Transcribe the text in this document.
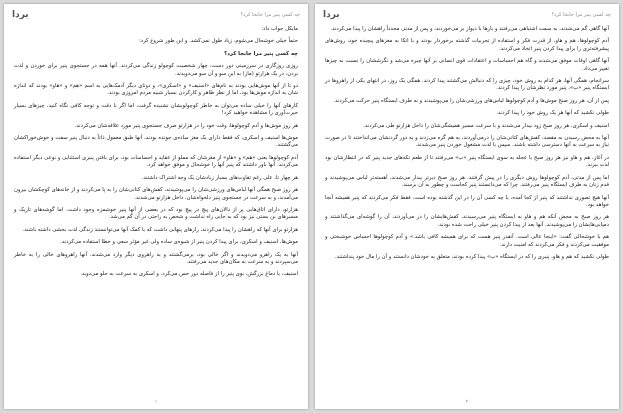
ﺑﺮﺩﺍ	چه کسی پنیر مرا جابجا کرد؟

مایکل جواب داد:

حتماً خیلی خوشحال می‌شوم. زیاد طول نمی‌کشد. و این طور شروع کرد:

چه کسی پنیر مرا جابجا کرد؟

روزی روزگاری در سرزمینی دور دست، چهار شخصیت کوچولو زندگی می‌کردند. آنها همه در جستجوی پنیر برای خوردن و لذت بردن، در یک هزارتو (ماز) به این سو و آن سو می‌دویدند.

دو تا از آنها موش‌هایی بودند به نام‌های «اسنیف» و «اسکری»، و دوتای دیگر آدمک‌هایی به اسم «هم» و «هاو» بودند که اندازه شان به اندازه موش‌ها بود، اما از نظر ظاهر و کارکردن بسیار شبیه مردم امروزی بودند.

کارهای آنها را خیلی ساده می‌توان به خاطر کوچولویشان نشنیده گرفت، اما اگر با دقت و توجه کافی نگاه کنید، چیزهای بسیار حیرت‌آوری را مشاهده خواهید کرد!

هر روز موش‌ها و آدم کوچولوها، وقت خود را در هزارتو صرف جستجوی پنیر مورد علاقه‌شان می‌کردند.

موش‌ها اسنیف و اسکری، که فقط دارای یک مغز ساده‌ی جونده بودند، آنها طبق معمول ذاتاً به دنبال پنیر سفت و خوش‌خوراکشان می‌گشتند.

آدم کوچولوها یعنی «هم» و «هاو» از مغزشان که مملو از عقاید و احساسات بود، برای یافتن پنیری استثنایی و نوعی دیگر استفاده می‌کردند. آنها باور داشتند که پنیر آنها را خوشحال و موفق خواهد کرد.

هر چهار تا، علی رغم تفاوت‌های بسیار زیادشان یک وجه اشتراک داشتند.

هر روز صبح همگی آنها لباس‌های ورزشی‌شان را می‌پوشیدند، کفش‌های کتانی‌شان را به پا می‌کردند و از خانه‌های کوچکشان بیرون می‌آمدند، و به سرعت در جستجوی پنیر دلخواه‌شان، داخل هزارتو می‌شدند.

هزارتو، دارای اتاق‌هایی پر از دالان‌های پیچ در پیچ بود که در بعضی از آنها پنیر خوشمزه وجود داشت. اما گوشه‌های تاریک و مسیرهای بن بستی نیز بود که به جایی راه نداشت و شخص به راحتی در آن گم می‌شد.

هزارتو برای آنها که راهشان را پیدا می‌کردند، رازهای پنهانی داشت که با کمک آنها می‌توانستند زندگی لذت بخشی داشته باشند.

موش‌ها، اسنیف و اسکری، برای پیدا کردن پنیر از شیوه‌ی ساده ولی غیر مؤثر سعی و خطا استفاده می‌کردند.

آنها به یک راهرو می‌دویدند و اگر خالی بود، برمی‌گشتند و به راهروی دیگر وارد می‌شدند. آنها راهروهای خالی را به خاطر می‌سپردند و به سرعت به مکان‌های جدید می‌رفتند.

اسنیف، با دماغ بزرگش، بوی پنیر را از فاصله دور حس می‌کرد، و اسکری به سرعت به جلو می‌دوید.

۱
ﺑﺮﺩﺍ	چه کسی پنیر مرا جابجا کرد؟

آنها گاهی گم می‌شدند، به سمت اشتباهی می‌رفتند و بارها با دیوار بر می‌خوردند، و پس از مدتی مجدداً راهشان را پیدا می‌کردند.

آدم کوچولوها، هم و هاو، از قدرت فکر و استفاده از تجربیات گذشته برخوردار بودند و با اتکا به مغزهای پیچیده خود، روش‌های پیشرفته‌تری را برای پیدا کردن پنیر اتخاذ می‌کردند.

آنها گاهی اوقات موفق می‌شدند و گاه هم احساسات و اعتقادات قوی انسانی بر آنها چیره می‌شد و نگرششان را نسبت به چیزها تغییر می‌داد.

سرانجام، همگی آنها، هر کدام به روش خود، چیزی را که دنبالش می‌گشتند پیدا کردند. همگی یک روز، در انتهای یکی از راهروها در ایستگاه پنیر «ب»، پنیر مورد نظرشان را پیدا کردند.

پس از آن، هر روز صبح موش‌ها و آدم کوچولوها لباس‌های ورزشی‌شان را می‌پوشیدند و به طرف ایستگاه پنیر حرکت می‌کردند.

طولی نکشید که آنها هر یک روش خود را پیدا کردند.

اسنیف و اسکری، هر روز صبح زود بیدار می‌شدند و با سرعت مسیر همیشگی‌شان را داخل هزارتو طی می‌کردند.

آنها به محض رسیدن به مقصد، کفش‌های کتانی‌شان را درمی‌آوردند، به هم گره می‌زدند و به دور گردنشان می‌انداختند تا در صورت نیاز به سرعت به آنها دسترسی داشته باشند. سپس با لذت مشغول خوردن پنیر می‌شدند.

در آغاز، هم و هاو نیز هر روز صبح با عجله به سوی ایستگاه پنیر «ب» می‌رفتند تا از طعم تکه‌های جدید پنیر که در انتظارشان بود لذت ببرند.

اما پس از مدتی، آدم کوچولوها روش دیگری را در پیش گرفتند. هر روز صبح دیرتر بیدار می‌شدند، آهسته‌تر لباس می‌پوشیدند و قدم زنان به طرف ایستگاه پنیر می‌رفتند. چرا که می‌دانستند پنیر کجاست و چطور به آن برسند.

آنها هیچ تصوری نداشتند که پنیر از کجا آمده، یا چه کسی آن را در این گذشته بوده است. فقط فکر می‌کردند که پنیر همیشه آنجا خواهد بود.

هر روز صبح به محض آنکه هم و هاو به ایستگاه پنیر می‌رسیدند، کفش‌هایشان را در می‌آوردند، آن را گوشه‌ای می‌گذاشتند و دمپایی‌هایشان را می‌پوشیدند. آنها بعد از پیدا کردن پنیر خیلی راحت شده بودند.

هم با خوشحالی گفت: «اینجا عالی است. آنقدر پنیر هست که برای همیشه کافی باشد.» و آدم کوچولوها احساس خوشبختی و موفقیت می‌کردند و فکر می‌کردند که امنیت دارند.

طولی نکشید که هم و هاو، پنیری را که در ایستگاه «ب» پیدا کرده بودند، متعلق به خودشان دانستند و آن را مال خود پنداشتند.

۲
